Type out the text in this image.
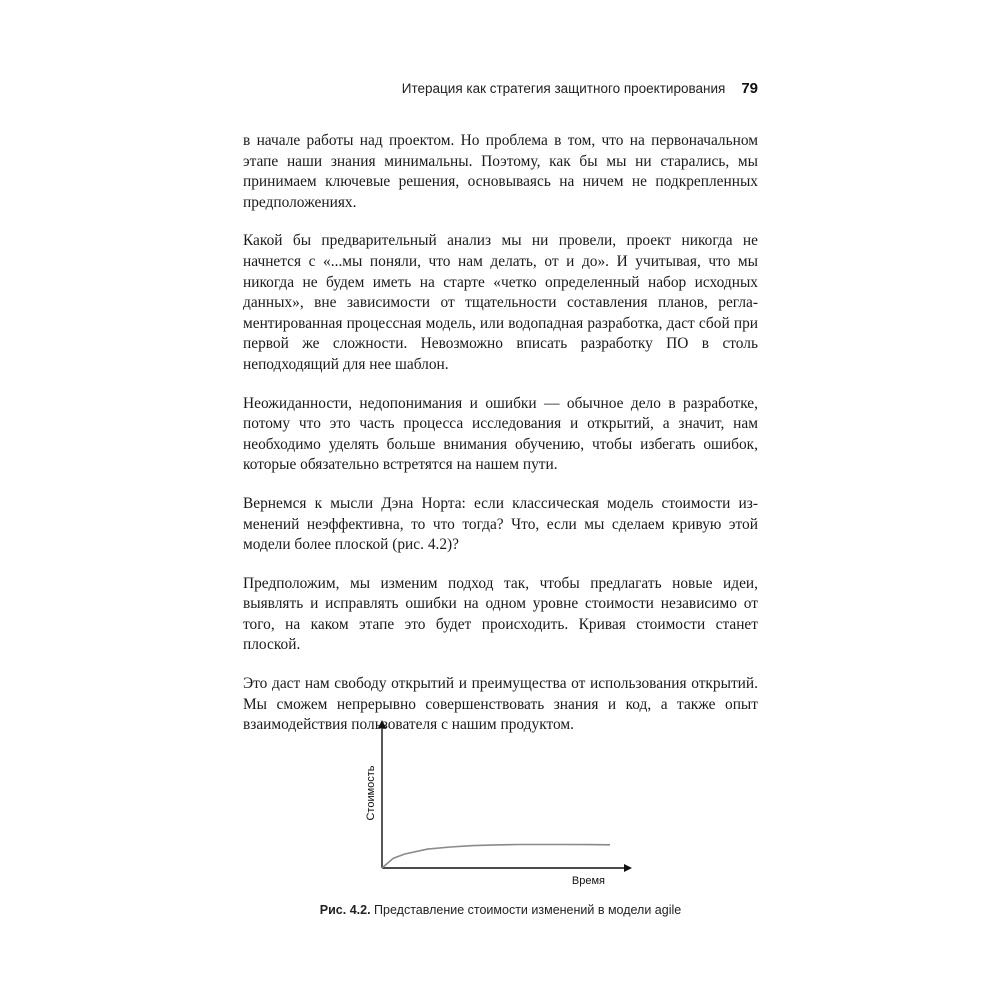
Итерация как стратегия защитного проектирования 79

в начале работы над проектом. Но проблема в том, что на первоначальном этапе наши знания минимальны. Поэтому, как бы мы ни старались, мы принимаем ключевые решения, основываясь на ничем не подкрепленных предположениях.

Какой бы предварительный анализ мы ни провели, проект никогда не начнется с «...мы поняли, что нам делать, от и до». И учитывая, что мы никогда не будем иметь на старте «четко определенный набор исходных данных», вне зависимости от тщательности составления планов, регламентированная процессная модель, или водопадная разработка, даст сбой при первой же сложности. Невозможно вписать разработку ПО в столь неподходящий для нее шаблон.

Неожиданности, недопонимания и ошибки — обычное дело в разработке, потому что это часть процесса исследования и открытий, а значит, нам необходимо уделять больше внимания обучению, чтобы избегать ошибок, которые обязательно встретятся на нашем пути.

Вернемся к мысли Дэна Норта: если классическая модель стоимости изменений неэффективна, то что тогда? Что, если мы сделаем кривую этой модели более плоской (рис. 4.2)?

Предположим, мы изменим подход так, чтобы предлагать новые идеи, выявлять и исправлять ошибки на одном уровне стоимости независимо от того, на каком этапе это будет происходить. Кривая стоимости станет плоской.

Это даст нам свободу открытий и преимущества от использования открытий. Мы сможем непрерывно совершенствовать знания и код, а также опыт взаимодействия пользователя с нашим продуктом.

Стоимость
Время
Рис. 4.2. Представление стоимости изменений в модели agile
